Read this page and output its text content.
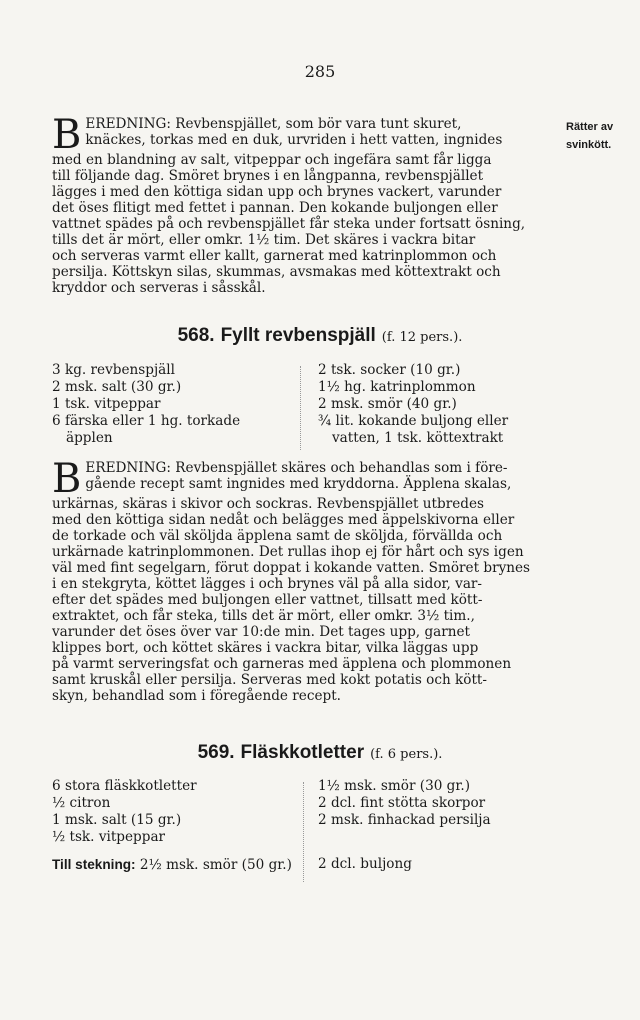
285
Rätter av
svinkött.
B EREDNING: Revbenspjället, som bör vara tunt skuret,
knäckes, torkas med en duk, urvriden i hett vatten, ingnides
med en blandning av salt, vitpeppar och ingefära samt får ligga
till följande dag. Smöret brynes i en långpanna, revbenspjället
lägges i med den köttiga sidan upp och brynes vackert, varunder
det öses flitigt med fettet i pannan. Den kokande buljongen eller
vattnet spädes på och revbenspjället får steka under fortsatt ösning,
tills det är mört, eller omkr. 1½ tim. Det skäres i vackra bitar
och serveras varmt eller kallt, garnerat med katrinplommon och
persilja. Köttskyn silas, skummas, avsmakas med köttextrakt och
kryddor och serveras i såsskål.
568. Fyllt revbenspjäll (f. 12 pers.).
3 kg. revbenspjäll
2 msk. salt (30 gr.)
1 tsk. vitpeppar
6 färska eller 1 hg. torkade
äpplen
2 tsk. socker (10 gr.)
1½ hg. katrinplommon
2 msk. smör (40 gr.)
¾ lit. kokande buljong eller
vatten, 1 tsk. köttextrakt
B EREDNING: Revbenspjället skäres och behandlas som i före-
gående recept samt ingnides med kryddorna. Äpplena skalas,
urkärnas, skäras i skivor och sockras. Revbenspjället utbredes
med den köttiga sidan nedåt och belägges med äppelskivorna eller
de torkade och väl sköljda äpplena samt de sköljda, förvällda och
urkärnade katrinplommonen. Det rullas ihop ej för hårt och sys igen
väl med fint segelgarn, förut doppat i kokande vatten. Smöret brynes
i en stekgryta, köttet lägges i och brynes väl på alla sidor, var-
efter det spädes med buljongen eller vattnet, tillsatt med kött-
extraktet, och får steka, tills det är mört, eller omkr. 3½ tim.,
varunder det öses över var 10:de min. Det tages upp, garnet
klippes bort, och köttet skäres i vackra bitar, vilka läggas upp
på varmt serveringsfat och garneras med äpplena och plommonen
samt kruskål eller persilja. Serveras med kokt potatis och kött-
skyn, behandlad som i föregående recept.
569. Fläskkotletter (f. 6 pers.).
6 stora fläskkotletter
½ citron
1 msk. salt (15 gr.)
½ tsk. vitpeppar
Till stekning: 2½ msk. smör (50 gr.)
1½ msk. smör (30 gr.)
2 dcl. fint stötta skorpor
2 msk. finhackad persilja
2 dcl. buljong
